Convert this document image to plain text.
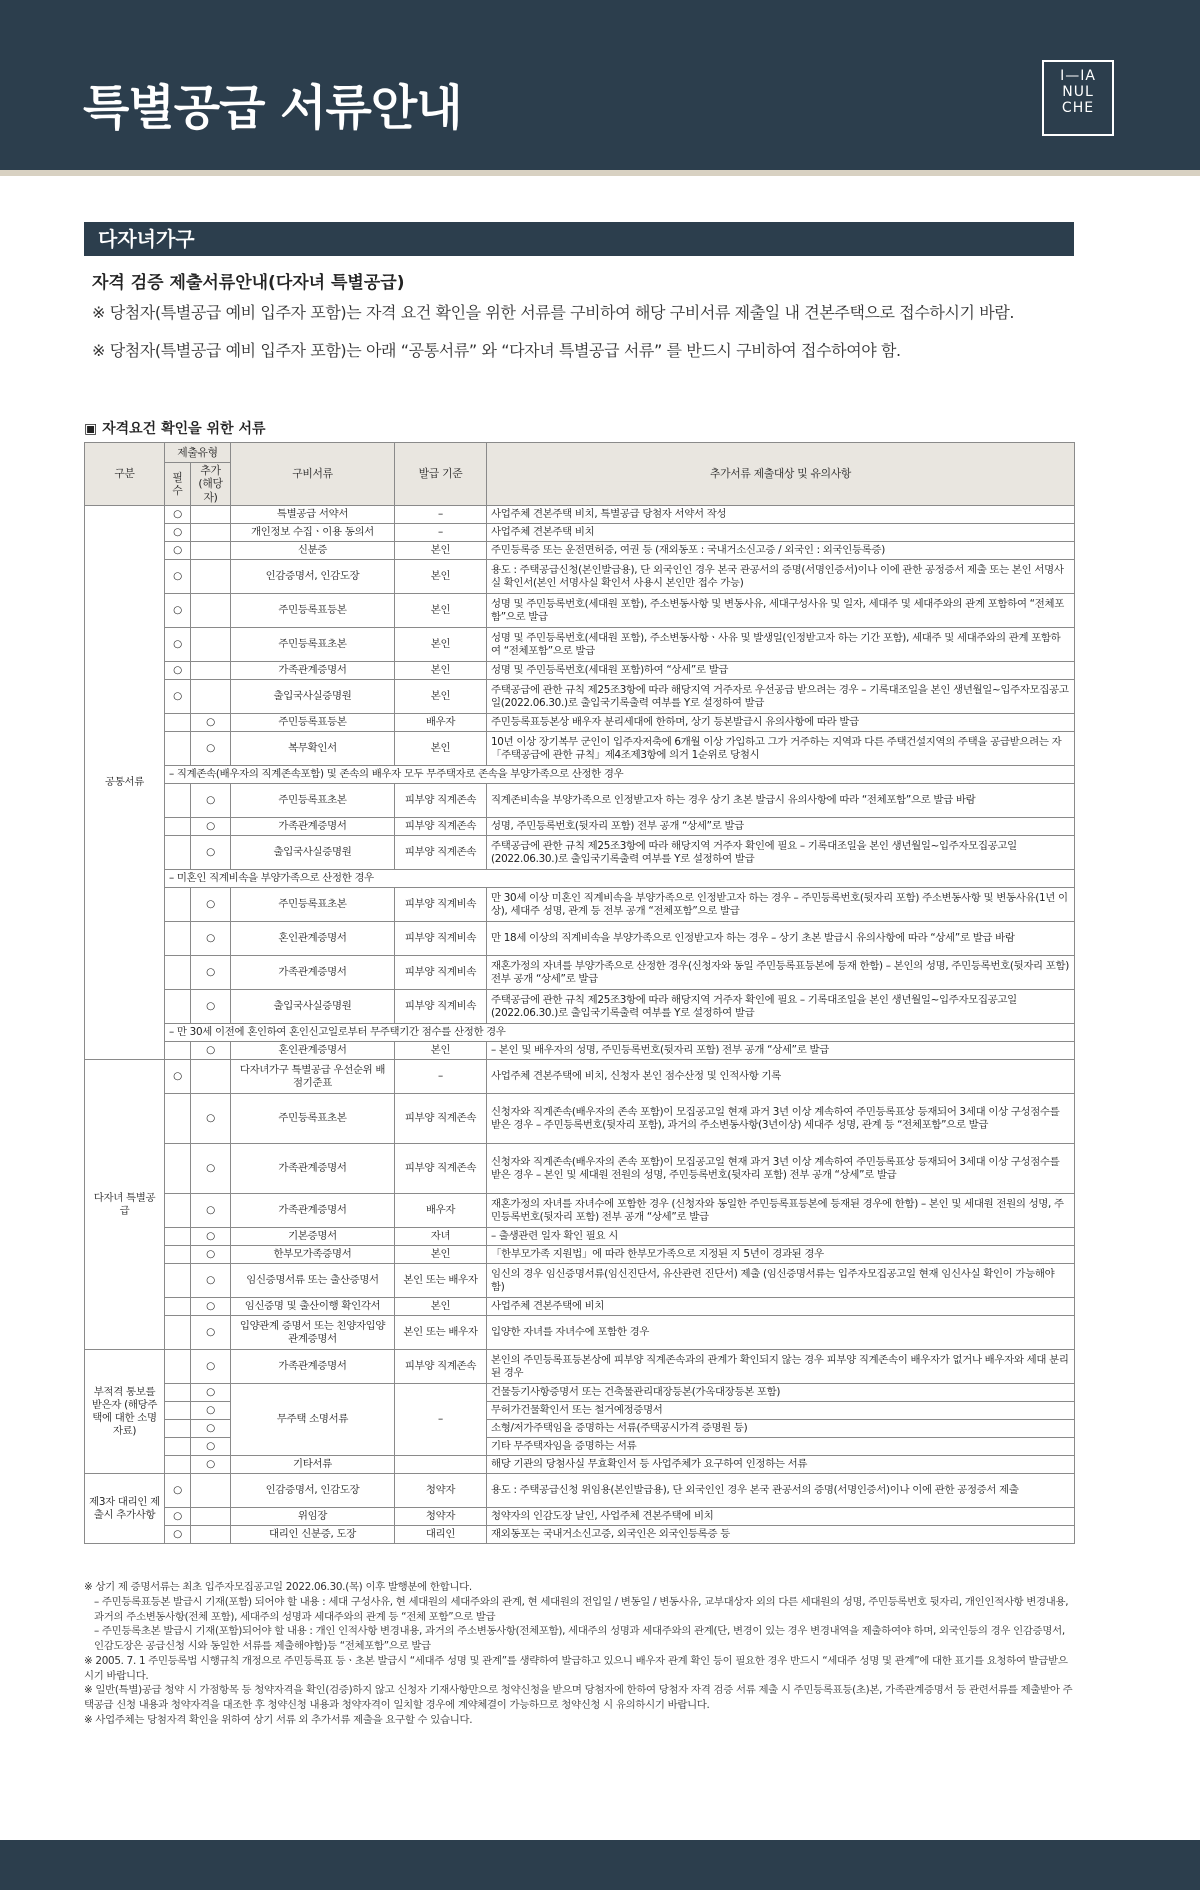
특별공급 서류안내
I—IA
NUL
CHE
다자녀가구
자격 검증 제출서류안내(다자녀 특별공급)
※ 당첨자(특별공급 예비 입주자 포함)는 자격 요건 확인을 위한 서류를 구비하여 해당 구비서류 제출일 내 견본주택으로 접수하시기 바람.
※ 당첨자(특별공급 예비 입주자 포함)는 아래 “공통서류” 와 “다자녀 특별공급 서류” 를 반드시 구비하여 접수하여야 함.
▣ 자격요건 확인을 위한 서류
구분	제출유형		구비서류	발급 기준	추가서류 제출대상 및 유의사항
	필수	추가 (해당자)			
공통서류	○		특별공급 서약서	–	사업주체 견본주택 비치, 특별공급 당첨자 서약서 작성
	○		개인정보 수집ㆍ이용 동의서	–	사업주체 견본주택 비치
	○		신분증	본인	주민등록증 또는 운전면허증, 여권 등 (재외동포 : 국내거소신고증 / 외국인 : 외국인등록증)
	○		인감증명서, 인감도장	본인	용도 : 주택공급신청(본인발급용), 단 외국인인 경우 본국 관공서의 증명(서명인증서)이나 이에 관한 공정증서 제출 또는 본인 서명사실 확인서(본인 서명사실 확인서 사용시 본인만 접수 가능)
	○		주민등록표등본	본인	성명 및 주민등록번호(세대원 포함), 주소변동사항 및 변동사유, 세대구성사유 및 일자, 세대주 및 세대주와의 관계 포함하여 “전체포함”으로 발급
	○		주민등록표초본	본인	성명 및 주민등록번호(세대원 포함), 주소변동사항ㆍ사유 및 발생일(인정받고자 하는 기간 포함), 세대주 및 세대주와의 관계 포함하여 “전체포함”으로 발급
	○		가족관계증명서	본인	성명 및 주민등록번호(세대원 포함)하여 “상세”로 발급
	○		출입국사실증명원	본인	주택공급에 관한 규칙 제25조3항에 따라 해당지역 거주자로 우선공급 받으려는 경우 – 기록대조일을 본인 생년월일~입주자모집공고일(2022.06.30.)로 출입국기록출력 여부를 Y로 설정하여 발급
		○	주민등록표등본	배우자	주민등록표등본상 배우자 분리세대에 한하며, 상기 등본발급시 유의사항에 따라 발급
		○	복무확인서	본인	10년 이상 장기복무 군인이 입주자저축에 6개월 이상 가입하고 그가 거주하는 지역과 다른 주택건설지역의 주택을 공급받으려는 자「주택공급에 관한 규칙」제4조제3항에 의거 1순위로 당첨시
	– 직계존속(배우자의 직계존속포함) 및 존속의 배우자 모두 무주택자로 존속을 부양가족으로 산정한 경우				
		○	주민등록표초본	피부양 직계존속	직계존비속을 부양가족으로 인정받고자 하는 경우 상기 초본 발급시 유의사항에 따라 “전체포함”으로 발급 바람
		○	가족관계증명서	피부양 직계존속	성명, 주민등록번호(뒷자리 포함) 전부 공개 “상세”로 발급
		○	출입국사실증명원	피부양 직계존속	주택공급에 관한 규칙 제25조3항에 따라 해당지역 거주자 확인에 필요 – 기록대조일을 본인 생년월일~입주자모집공고일(2022.06.30.)로 출입국기록출력 여부를 Y로 설정하여 발급
	– 미혼인 직계비속을 부양가족으로 산정한 경우				
		○	주민등록표초본	피부양 직계비속	만 30세 이상 미혼인 직계비속을 부양가족으로 인정받고자 하는 경우 – 주민등록번호(뒷자리 포함) 주소변동사항 및 변동사유(1년 이상), 세대주 성명, 관계 등 전부 공개 “전체포함”으로 발급
		○	혼인관계증명서	피부양 직계비속	만 18세 이상의 직계비속을 부양가족으로 인정받고자 하는 경우 – 상기 초본 발급시 유의사항에 따라 “상세”로 발급 바람
		○	가족관계증명서	피부양 직계비속	재혼가정의 자녀를 부양가족으로 산정한 경우(신청자와 동일 주민등록표등본에 등재 한함) – 본인의 성명, 주민등록번호(뒷자리 포함) 전부 공개 “상세”로 발급
		○	출입국사실증명원	피부양 직계비속	주택공급에 관한 규칙 제25조3항에 따라 해당지역 거주자 확인에 필요 – 기록대조일을 본인 생년월일~입주자모집공고일(2022.06.30.)로 출입국기록출력 여부를 Y로 설정하여 발급
	– 만 30세 이전에 혼인하여 혼인신고일로부터 무주택기간 점수를 산정한 경우				
		○	혼인관계증명서	본인	– 본인 및 배우자의 성명, 주민등록번호(뒷자리 포함) 전부 공개 “상세”로 발급
다자녀 특별공급	○		다자녀가구 특별공급 우선순위 배점기준표	–	사업주체 견본주택에 비치, 신청자 본인 점수산정 및 인적사항 기록
		○	주민등록표초본	피부양 직계존속	신청자와 직계존속(배우자의 존속 포함)이 모집공고일 현재 과거 3년 이상 계속하여 주민등록표상 등재되어 3세대 이상 구성점수를 받은 경우 – 주민등록번호(뒷자리 포함), 과거의 주소변동사항(3년이상) 세대주 성명, 관계 등 “전체포함”으로 발급
		○	가족관계증명서	피부양 직계존속	신청자와 직계존속(배우자의 존속 포함)이 모집공고일 현재 과거 3년 이상 계속하여 주민등록표상 등재되어 3세대 이상 구성점수를 받은 경우 – 본인 및 세대원 전원의 성명, 주민등록번호(뒷자리 포함) 전부 공개 “상세”로 발급
		○	가족관계증명서	배우자	재혼가정의 자녀를 자녀수에 포함한 경우 (신청자와 동일한 주민등록표등본에 등재된 경우에 한함) – 본인 및 세대원 전원의 성명, 주민등록번호(뒷자리 포함) 전부 공개 “상세”로 발급
		○	기본증명서	자녀	– 출생관련 일자 확인 필요 시
		○	한부모가족증명서	본인	「한부모가족 지원법」에 따라 한부모가족으로 지정된 지 5년이 경과된 경우
		○	임신증명서류 또는 출산증명서	본인 또는 배우자	임신의 경우 임신증명서류(임신진단서, 유산관련 진단서) 제출 (임신증명서류는 입주자모집공고일 현재 임신사실 확인이 가능해야 함)
		○	임신증명 및 출산이행 확인각서	본인	사업주체 견본주택에 비치
		○	입양관계 증명서 또는 친양자입양관계증명서	본인 또는 배우자	입양한 자녀를 자녀수에 포함한 경우
부적격 통보를 받은자 (해당주택에 대한 소명자료)		○	가족관계증명서	피부양 직계존속	본인의 주민등록표등본상에 피부양 직계존속과의 관계가 확인되지 않는 경우 피부양 직계존속이 배우자가 없거나 배우자와 세대 분리된 경우
		○	무주택 소명서류	–	건물등기사항증명서 또는 건축물관리대장등본(가옥대장등본 포함)
		○			무허가건물확인서 또는 철거예정증명서
		○			소형/저가주택임을 증명하는 서류(주택공시가격 증명원 등)
		○			기타 무주택자임을 증명하는 서류
		○	기타서류		해당 기관의 당첨사실 무효확인서 등 사업주체가 요구하여 인정하는 서류
제3자 대리인 제출시 추가사항	○		인감증명서, 인감도장	청약자	용도 : 주택공급신청 위임용(본인발급용), 단 외국인인 경우 본국 관공서의 증명(서명인증서)이나 이에 관한 공정증서 제출
	○		위임장	청약자	청약자의 인감도장 날인, 사업주체 견본주택에 비치
	○		대리인 신분증, 도장	대리인	재외동포는 국내거소신고증, 외국인은 외국인등록증 등
※ 상기 제 증명서류는 최초 입주자모집공고일 2022.06.30.(목) 이후 발행분에 한합니다.
– 주민등록표등본 발급시 기재(포함) 되어야 할 내용 : 세대 구성사유, 현 세대원의 세대주와의 관계, 현 세대원의 전입일 / 변동일 / 변동사유, 교부대상자 외의 다른 세대원의 성명, 주민등록번호 뒷자리, 개인인적사항 변경내용, 과거의 주소변동사항(전체 포함), 세대주의 성명과 세대주와의 관계 등 “전체 포함”으로 발급
– 주민등록초본 발급시 기재(포함)되어야 할 내용 : 개인 인적사항 변경내용, 과거의 주소변동사항(전체포함), 세대주의 성명과 세대주와의 관계(단, 변경이 있는 경우 변경내역을 제출하여야 하며, 외국인등의 경우 인감증명서, 인감도장은 공급신청 시와 동일한 서류를 제출해야함)등 “전체포함”으로 발급
※ 2005. 7. 1 주민등록법 시행규칙 개정으로 주민등록표 등ㆍ초본 발급시 “세대주 성명 및 관계”를 생략하여 발급하고 있으니 배우자 관계 확인 등이 필요한 경우 반드시 “세대주 성명 및 관계”에 대한 표기를 요청하여 발급받으시기 바랍니다.
※ 일반(특별)공급 청약 시 가점항목 등 청약자격을 확인(검증)하지 않고 신청자 기재사항만으로 청약신청을 받으며 당첨자에 한하여 당첨자 자격 검증 서류 제출 시 주민등록표등(초)본, 가족관계증명서 등 관련서류를 제출받아 주택공급 신청 내용과 청약자격을 대조한 후 청약신청 내용과 청약자격이 일치할 경우에 계약체결이 가능하므로 청약신청 시 유의하시기 바랍니다.
※ 사업주체는 당첨자격 확인을 위하여 상기 서류 외 추가서류 제출을 요구할 수 있습니다.
